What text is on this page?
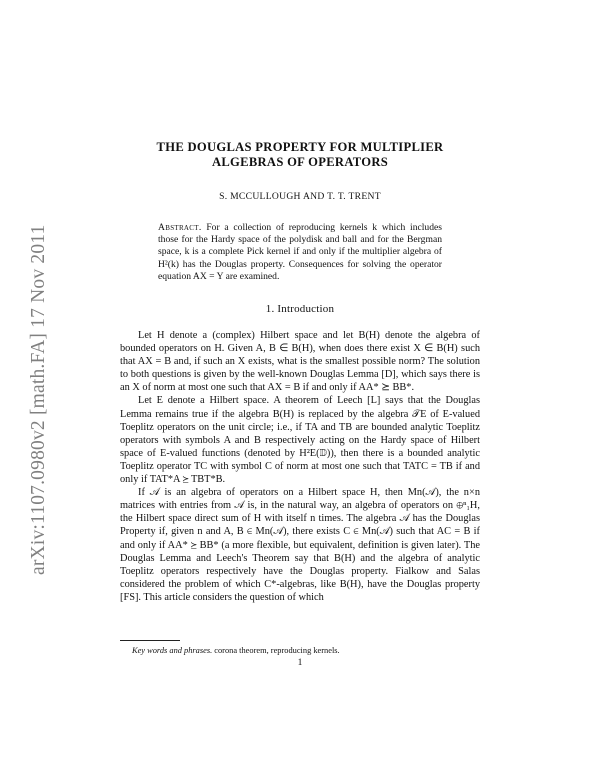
arXiv:1107.0980v2 [math.FA] 17 Nov 2011
THE DOUGLAS PROPERTY FOR MULTIPLIER
ALGEBRAS OF OPERATORS
S. MCCULLOUGH AND T. T. TRENT
Abstract. For a collection of reproducing kernels k which includes those for the Hardy space of the polydisk and ball and for the Bergman space, k is a complete Pick kernel if and only if the multiplier algebra of H²(k) has the Douglas property. Consequences for solving the operator equation AX = Y are examined.
1. Introduction

Let H denote a (complex) Hilbert space and let B(H) denote the algebra of bounded operators on H. Given A, B ∈ B(H), when does there exist X ∈ B(H) such that AX = B and, if such an X exists, what is the smallest possible norm? The solution to both questions is given by the well-known Douglas Lemma [D], which says there is an X of norm at most one such that AX = B if and only if AA* ⪰ BB*.

Let E denote a Hilbert space. A theorem of Leech [L] says that the Douglas Lemma remains true if the algebra B(H) is replaced by the algebra 𝒯E of E-valued Toeplitz operators on the unit circle; i.e., if TA and TB are bounded analytic Toeplitz operators with symbols A and B respectively acting on the Hardy space of Hilbert space of E-valued functions (denoted by H²E(𝔻)), then there is a bounded analytic Toeplitz operator TC with symbol C of norm at most one such that TATC = TB if and only if TAT*A ⪰ TBT*B.

If 𝒜 is an algebra of operators on a Hilbert space H, then Mn(𝒜), the n×n matrices with entries from 𝒜 is, in the natural way, an algebra of operators on ⊕ⁿ₁H, the Hilbert space direct sum of H with itself n times. The algebra 𝒜 has the Douglas Property if, given n and A, B ∈ Mn(𝒜), there exists C ∈ Mn(𝒜) such that AC = B if and only if AA* ⪰ BB* (a more flexible, but equivalent, definition is given later). The Douglas Lemma and Leech's Theorem say that B(H) and the algebra of analytic Toeplitz operators respectively have the Douglas property. Fialkow and Salas considered the problem of which C*-algebras, like B(H), have the Douglas property [FS]. This article considers the question of which

Key words and phrases. corona theorem, reproducing kernels.
1
